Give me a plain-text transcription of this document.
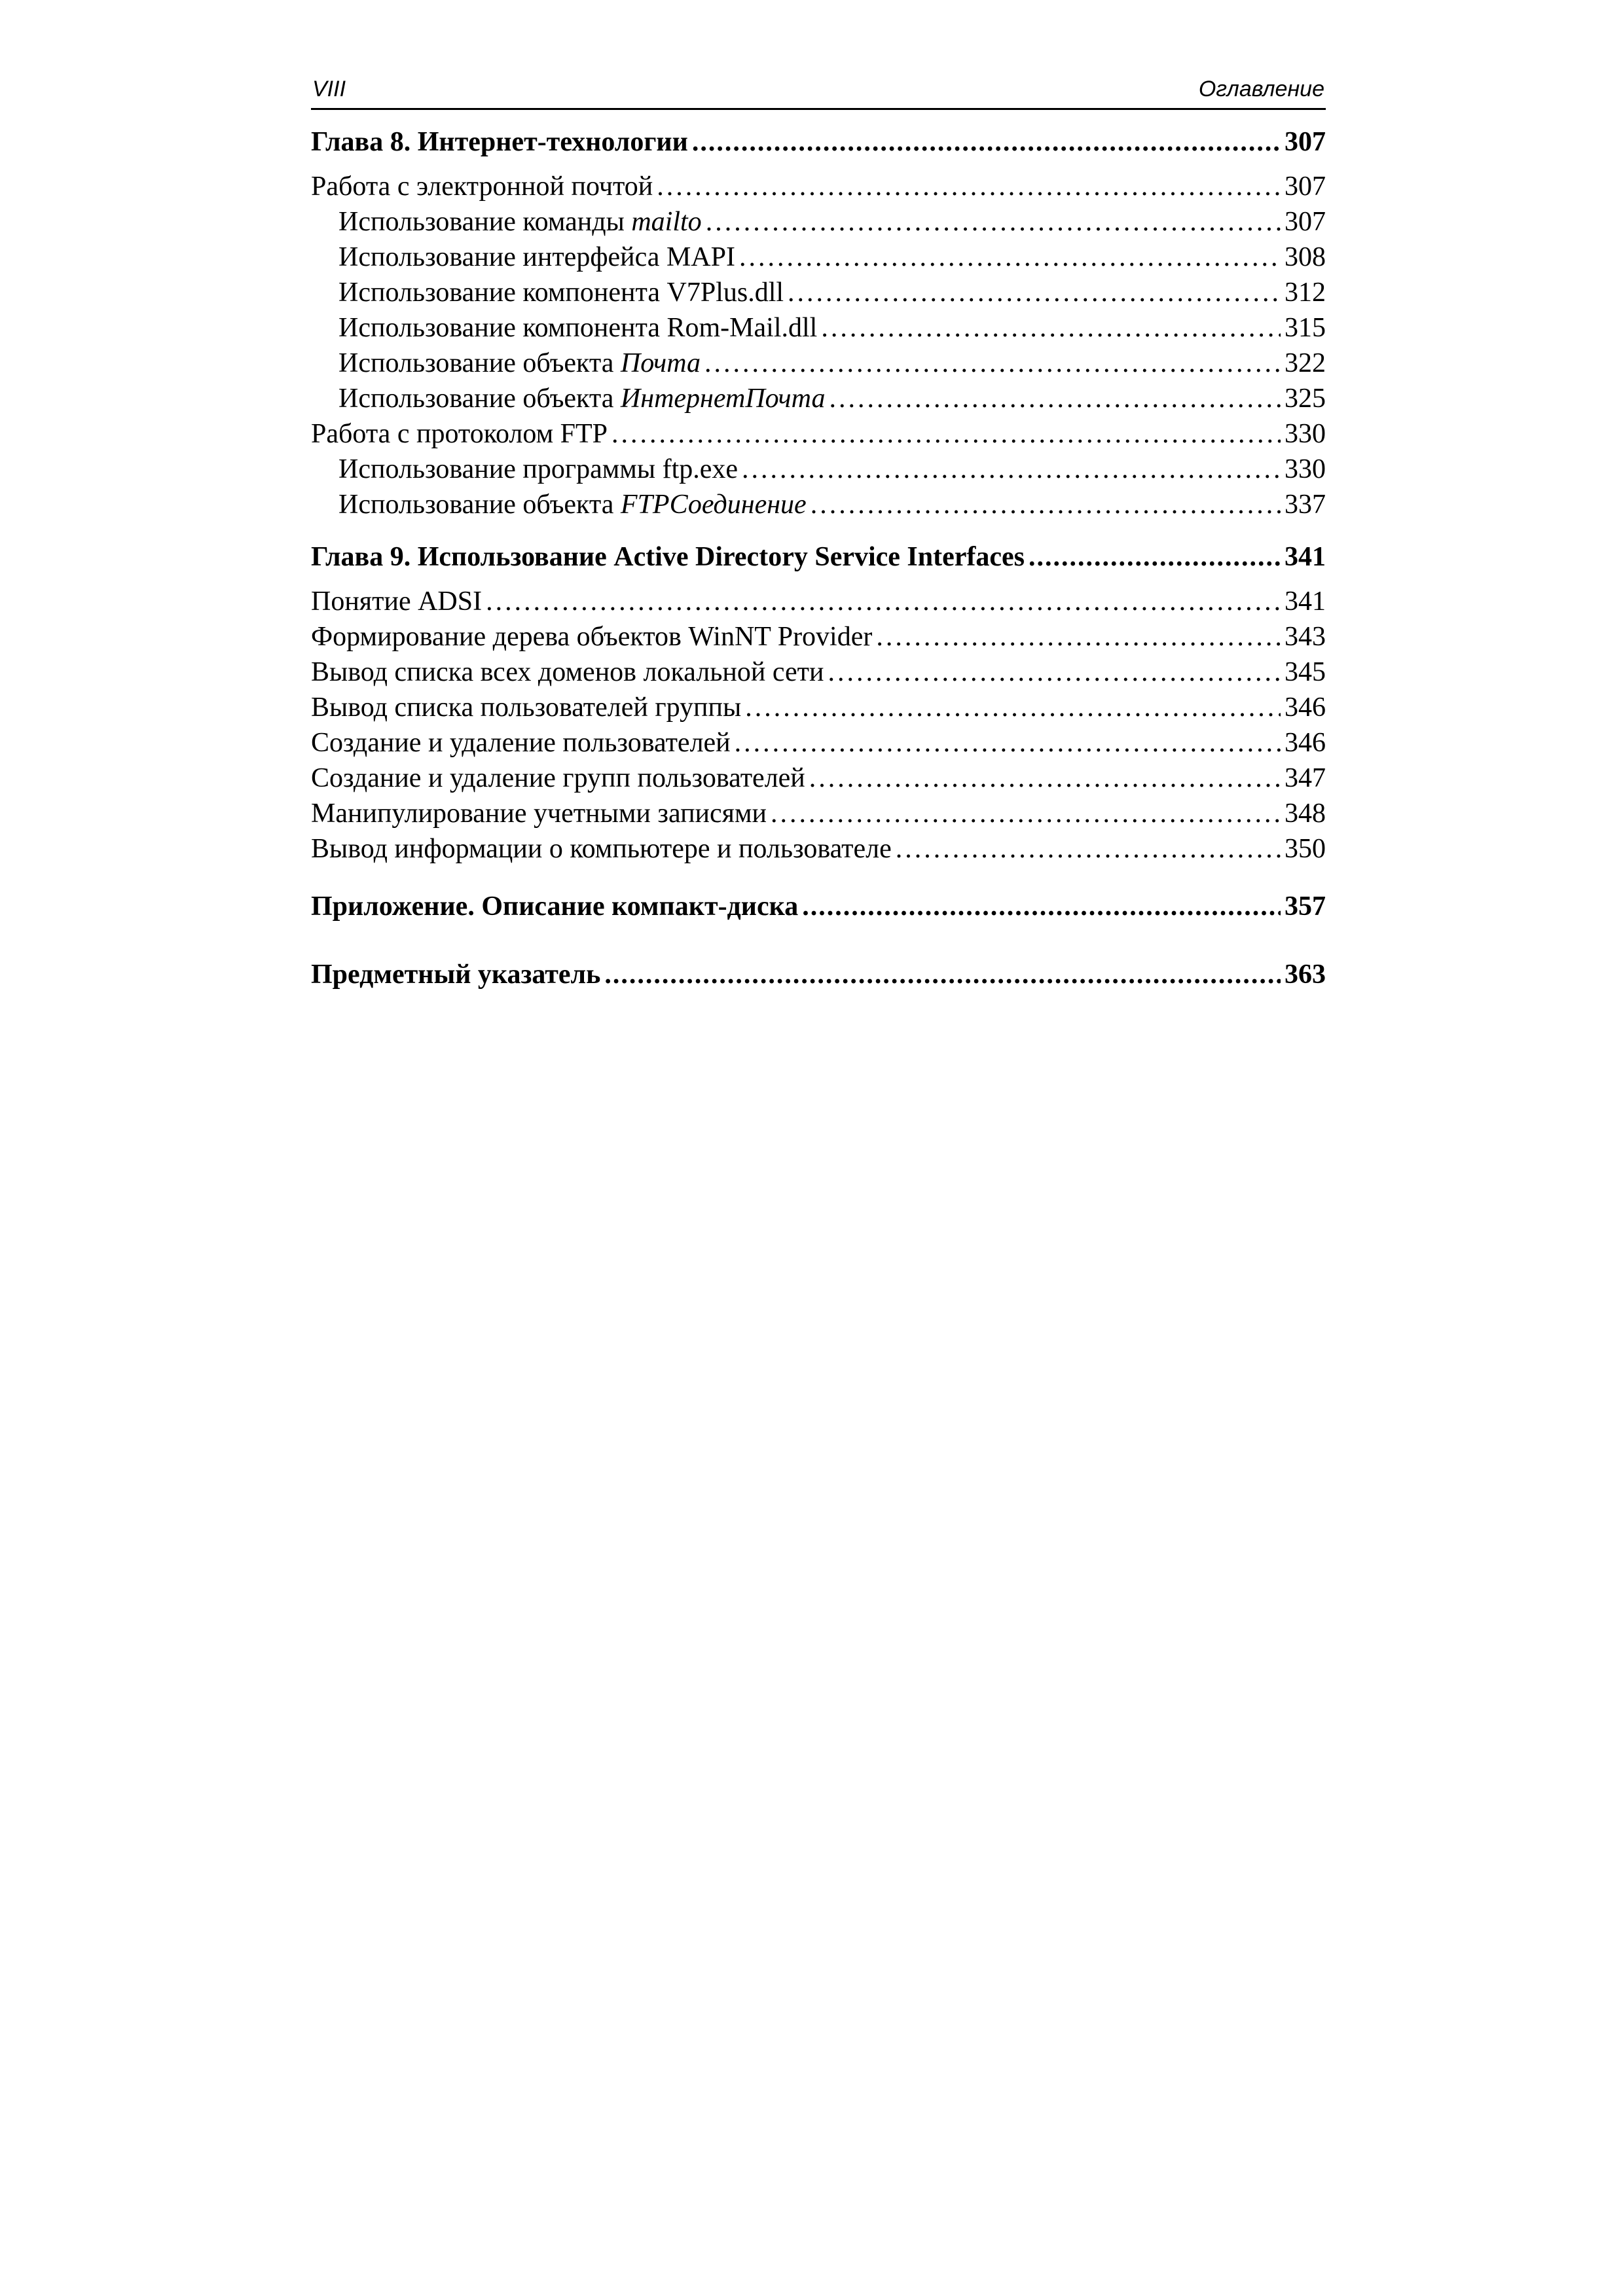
VIII	Оглавление
Глава 8. Интернет-технологии .....	307
Работа с электронной почтой .....	307
Использование команды mailto .....	307
Использование интерфейса MAPI .....	308
Использование компонента V7Plus.dll .....	312
Использование компонента Rom-Mail.dll .....	315
Использование объекта Почта .....	322
Использование объекта ИнтернетПочта .....	325
Работа с протоколом FTP .....	330
Использование программы ftp.exe .....	330
Использование объекта FTPСоединение .....	337
Глава 9. Использование Active Directory Service Interfaces .....	341
Понятие ADSI .....	341
Формирование дерева объектов WinNT Provider .....	343
Вывод списка всех доменов локальной сети .....	345
Вывод списка пользователей группы .....	346
Создание и удаление пользователей .....	346
Создание и удаление групп пользователей .....	347
Манипулирование учетными записями .....	348
Вывод информации о компьютере и пользователе .....	350
Приложение. Описание компакт-диска .....	357
Предметный указатель .....	363
